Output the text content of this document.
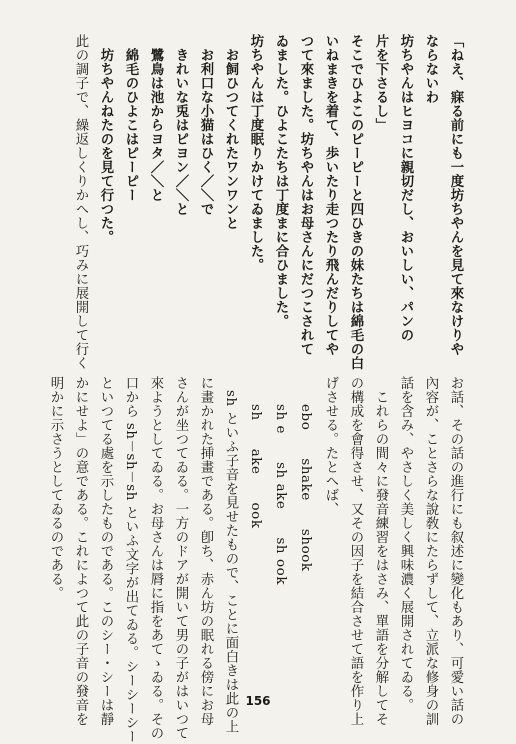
「ねえ、寐る前にも一度坊ちやんを見て來なけりや
ならないわ
坊ちやんはヒヨコに親切だし、おいしい、パンの
片を下さるし」
そこでひよこのピーピーと四ひきの妹たちは綿毛の白
いねまきを着て、歩いたり走つたり飛んだりしてや
つて來ました。坊ちやんはお母さんにだつこされて
ゐました。ひよこたちは丁度まに合ひました。
坊ちやんは丁度眠りかけてゐました。
　お飼ひつてくれたワンワンと
　お利口な小猫はひく／＼で
　きれいな兎はピヨン／＼と
　鷺鳥は池からヨタ／＼と
　綿毛のひよこはピーピー
　坊ちやんねたのを見て行つた。
此の調子で、繰返しくりかへし、巧みに展開して行く
お話、その話の進行にも叙述に變化もあり、可愛い話の
內容が、ことさらな說敎にたらずして、立派な修身の訓
話を含み、やさしく美しく興味濃く展開されてゐる。
　これらの間々に發音練習をはさみ、單語を分解してそ
の構成を會得させ、又その因子を結合させて語を作り上
げさせる。たとへば、
　　ebo　　shake　　shook
　　sh e　　sh ake　　sh ook
　　sh　　ake　　ook
　sh といふ子音を見せたもので、ことに面白きは此の上
に畫かれた挿畫である。卽ち、赤ん坊の眠れる傍にお母
さんが坐つてゐる。一方のドアが開いて男の子がはいつて
來ようとしてゐる。お母さんは脣に指をあてゝゐる。その
口から sh－sh－sh といふ文字が出てゐる。シーシーシー
といつてる處を示したものである。このシー・シーは靜
かにせよ」の意である。これによつて此の子音の發音を
明かに示さうとしてゐるのである。
156
